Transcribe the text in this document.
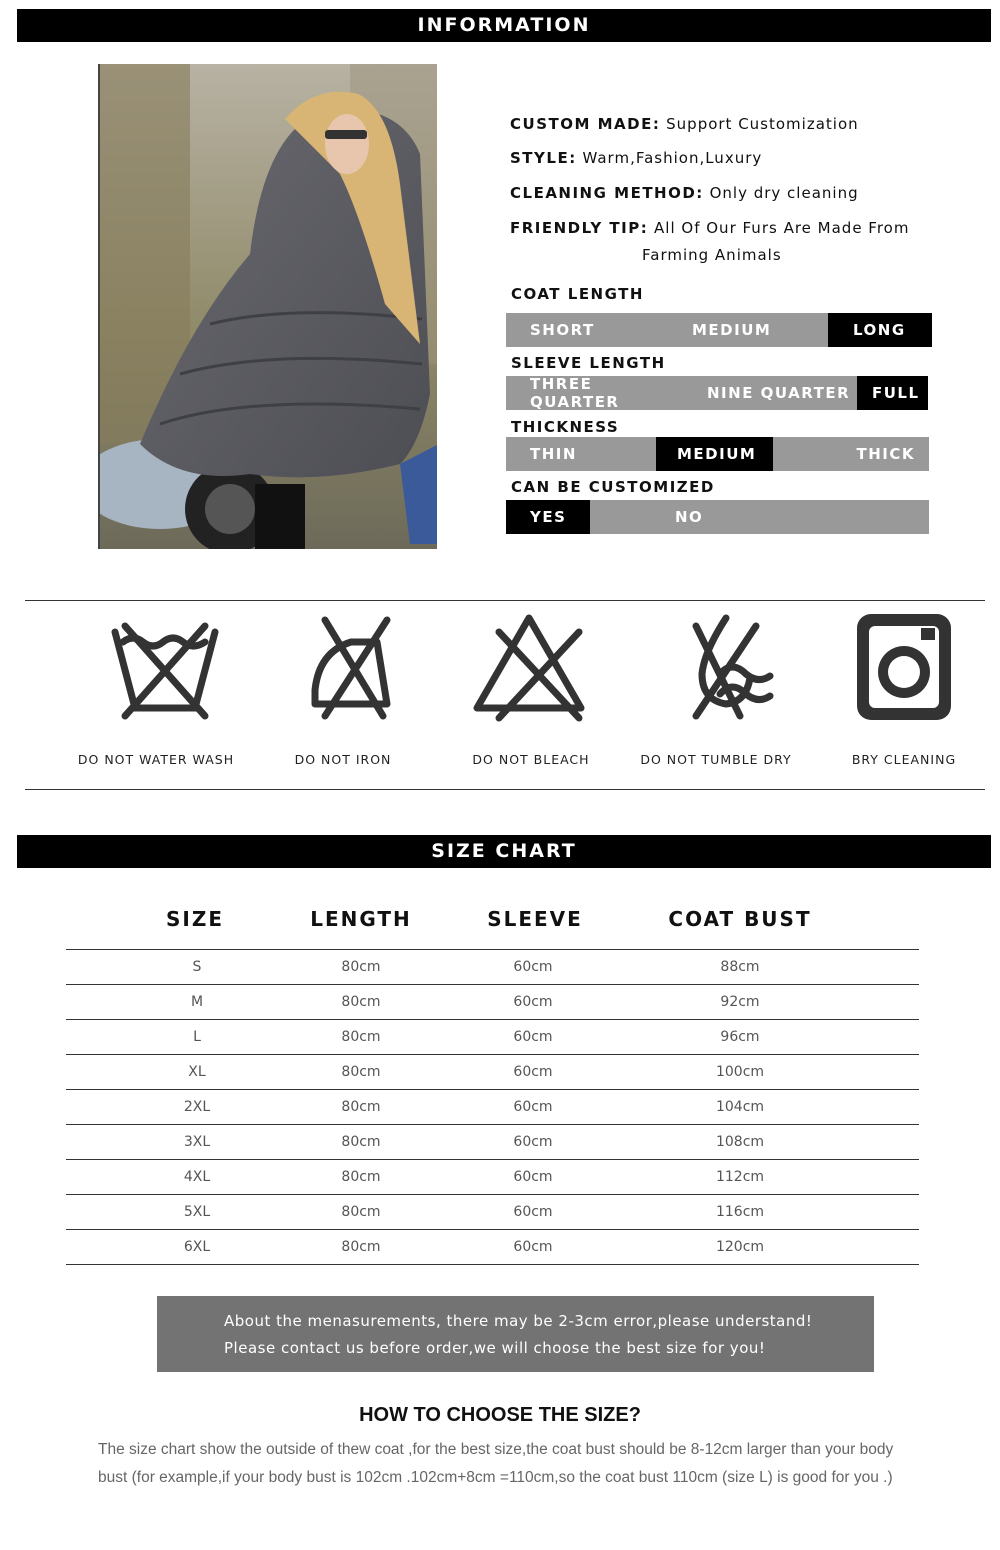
INFORMATION
CUSTOM MADE: Support Customization
STYLE: Warm,Fashion,Luxury
CLEANING METHOD: Only dry cleaning
FRIENDLY TIP: All Of Our Furs Are Made From
Farming Animals
COAT LENGTH
SHORT	MEDIUM	LONG
SLEEVE LENGTH
THREE QUARTER	NINE QUARTER	FULL
THICKNESS
THIN	MEDIUM	THICK
CAN BE CUSTOMIZED
YES	NO
DO NOT WATER WASH	DO NOT IRON	DO NOT BLEACH	DO NOT TUMBLE DRY	BRY CLEANING
SIZE CHART
SIZE	LENGTH	SLEEVE	COAT BUST
S	80cm	60cm	88cm
M	80cm	60cm	92cm
L	80cm	60cm	96cm
XL	80cm	60cm	100cm
2XL	80cm	60cm	104cm
3XL	80cm	60cm	108cm
4XL	80cm	60cm	112cm
5XL	80cm	60cm	116cm
6XL	80cm	60cm	120cm
About the menasurements, there may be 2-3cm error,please understand!
Please contact us before order,we will choose the best size for you!
HOW TO CHOOSE THE SIZE?
The size chart show the outside of thew coat ,for the best size,the coat bust should be 8-12cm larger than your body bust (for example,if your body bust is 102cm .102cm+8cm =110cm,so the coat bust 110cm (size L) is good for you .)
